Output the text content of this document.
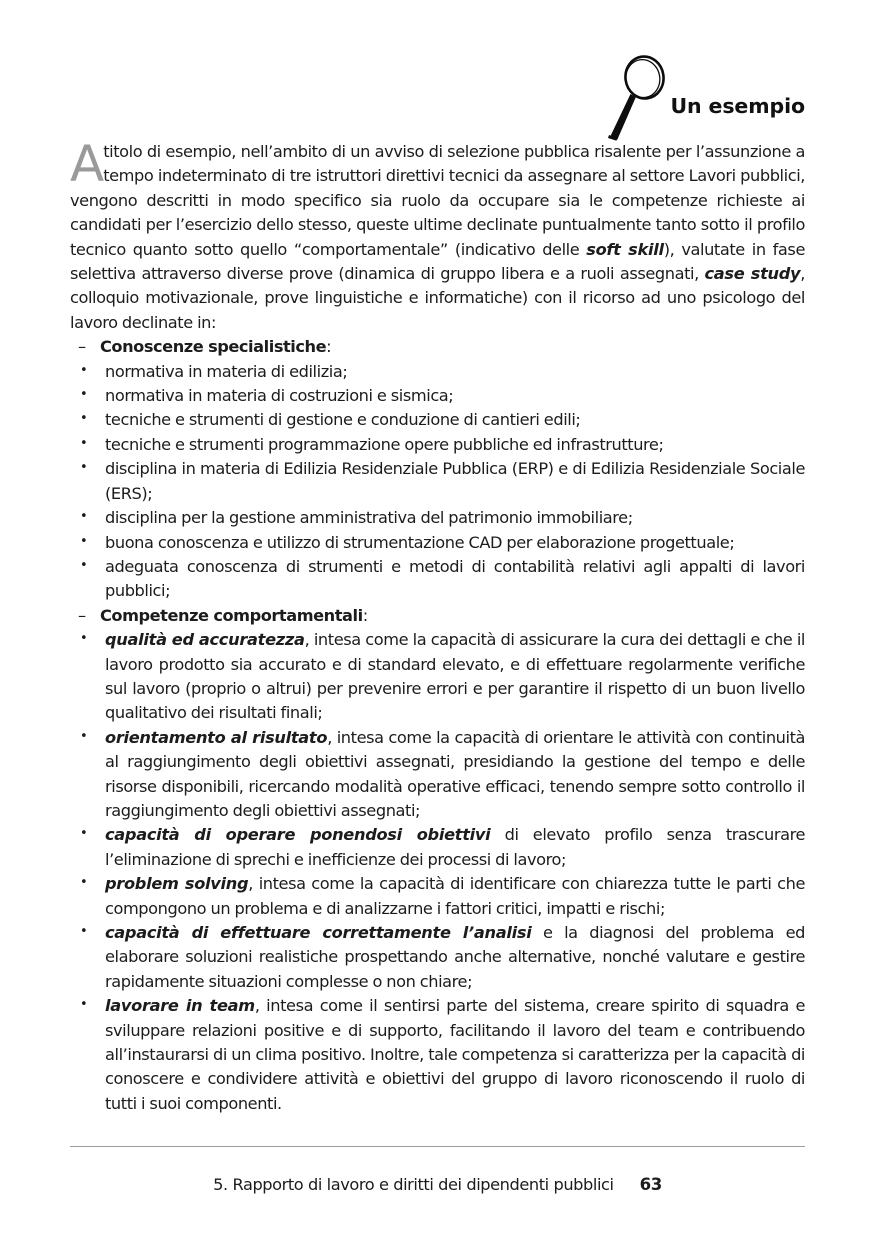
Un esempio

A titolo di esempio, nell’ambito di un avviso di selezione pubblica risalente per l’assunzione a tempo indeterminato di tre istruttori direttivi tecnici da assegnare al settore Lavori pubblici, vengono descritti in modo specifico sia ruolo da occupare sia le competenze richieste ai candidati per l’esercizio dello stesso, queste ultime declinate puntualmente tanto sotto il profilo tecnico quanto sotto quello “comportamentale” (indicativo delle soft skill), valutate in fase selettiva attraverso diverse prove (dinamica di gruppo libera e a ruoli assegnati, case study, colloquio motivazionale, prove linguistiche e informatiche) con il ricorso ad uno psicologo del lavoro declinate in:

– Conoscenze specialistiche:
• normativa in materia di edilizia;
• normativa in materia di costruzioni e sismica;
• tecniche e strumenti di gestione e conduzione di cantieri edili;
• tecniche e strumenti programmazione opere pubbliche ed infrastrutture;
• disciplina in materia di Edilizia Residenziale Pubblica (ERP) e di Edilizia Residenziale Sociale (ERS);
• disciplina per la gestione amministrativa del patrimonio immobiliare;
• buona conoscenza e utilizzo di strumentazione CAD per elaborazione progettuale;
• adeguata conoscenza di strumenti e metodi di contabilità relativi agli appalti di lavori pubblici;
– Competenze comportamentali:
• qualità ed accuratezza, intesa come la capacità di assicurare la cura dei dettagli e che il lavoro prodotto sia accurato e di standard elevato, e di effettuare regolarmente verifiche sul lavoro (proprio o altrui) per prevenire errori e per garantire il rispetto di un buon livello qualitativo dei risultati finali;
• orientamento al risultato, intesa come la capacità di orientare le attività con continuità al raggiungimento degli obiettivi assegnati, presidiando la gestione del tempo e delle risorse disponibili, ricercando modalità operative efficaci, tenendo sempre sotto controllo il raggiungimento degli obiettivi assegnati;
• capacità di operare ponendosi obiettivi di elevato profilo senza trascurare l’eliminazione di sprechi e inefficienze dei processi di lavoro;
• problem solving, intesa come la capacità di identificare con chiarezza tutte le parti che compongono un problema e di analizzarne i fattori critici, impatti e rischi;
• capacità di effettuare correttamente l’analisi e la diagnosi del problema ed elaborare soluzioni realistiche prospettando anche alternative, nonché valutare e gestire rapidamente situazioni complesse o non chiare;
• lavorare in team, intesa come il sentirsi parte del sistema, creare spirito di squadra e sviluppare relazioni positive e di supporto, facilitando il lavoro del team e contribuendo all’instaurarsi di un clima positivo. Inoltre, tale competenza si caratterizza per la capacità di conoscere e condividere attività e obiettivi del gruppo di lavoro riconoscendo il ruolo di tutti i suoi componenti.
5. Rapporto di lavoro e diritti dei dipendenti pubblici 63
